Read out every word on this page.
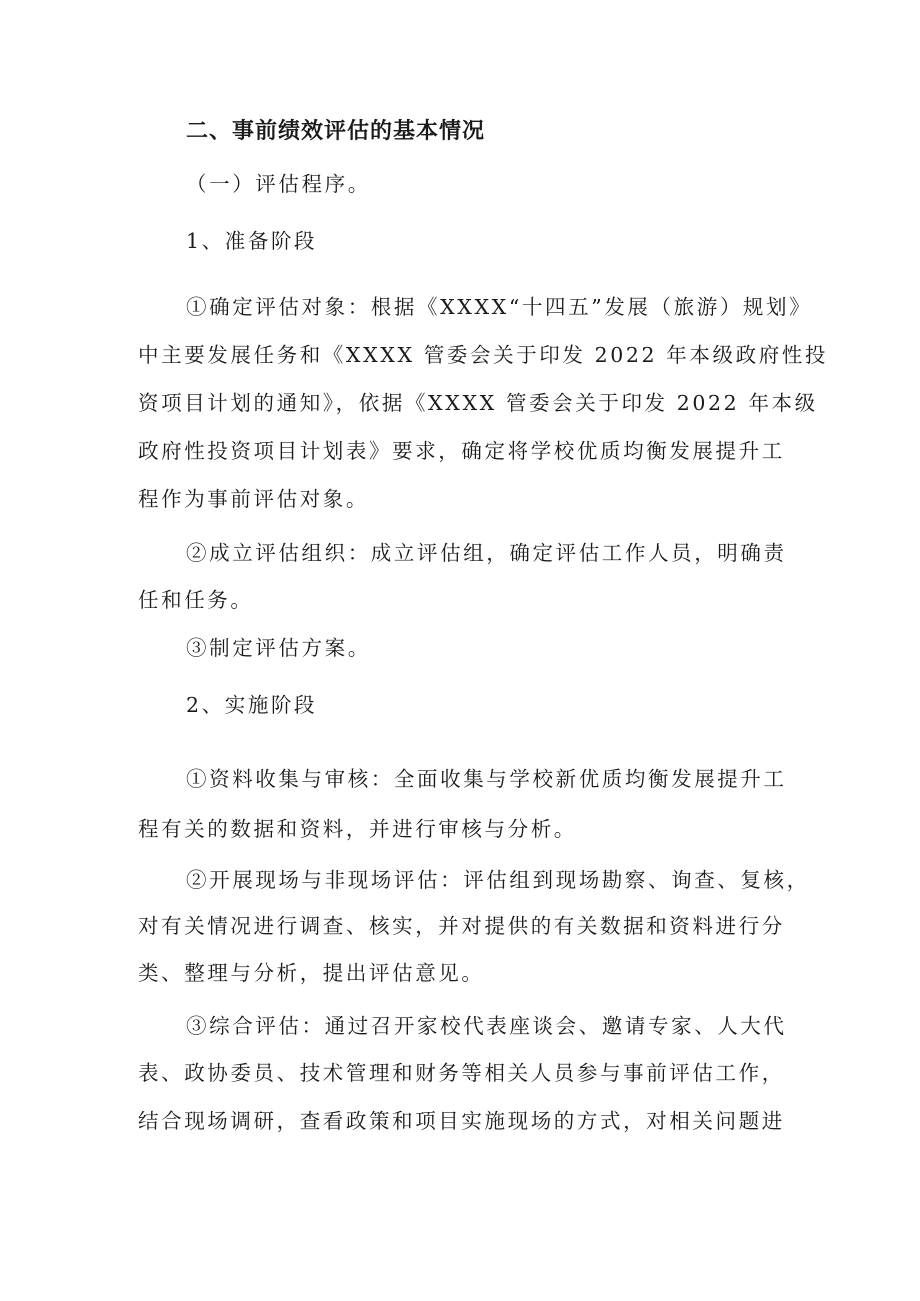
二、事前绩效评估的基本情况
（一）评估程序。
1、准备阶段
①确定评估对象：根据《XXXX“十四五”发展（旅游）规划》
中主要发展任务和《XXXX 管委会关于印发 2022 年本级政府性投
资项目计划的通知》，依据《XXXX 管委会关于印发 2022 年本级
政府性投资项目计划表》要求，确定将学校优质均衡发展提升工
程作为事前评估对象。
②成立评估组织：成立评估组，确定评估工作人员，明确责
任和任务。
③制定评估方案。
2、实施阶段
①资料收集与审核：全面收集与学校新优质均衡发展提升工
程有关的数据和资料，并进行审核与分析。
②开展现场与非现场评估：评估组到现场勘察、询查、复核，
对有关情况进行调查、核实，并对提供的有关数据和资料进行分
类、整理与分析，提出评估意见。
③综合评估：通过召开家校代表座谈会、邀请专家、人大代
表、政协委员、技术管理和财务等相关人员参与事前评估工作，
结合现场调研，查看政策和项目实施现场的方式，对相关问题进
